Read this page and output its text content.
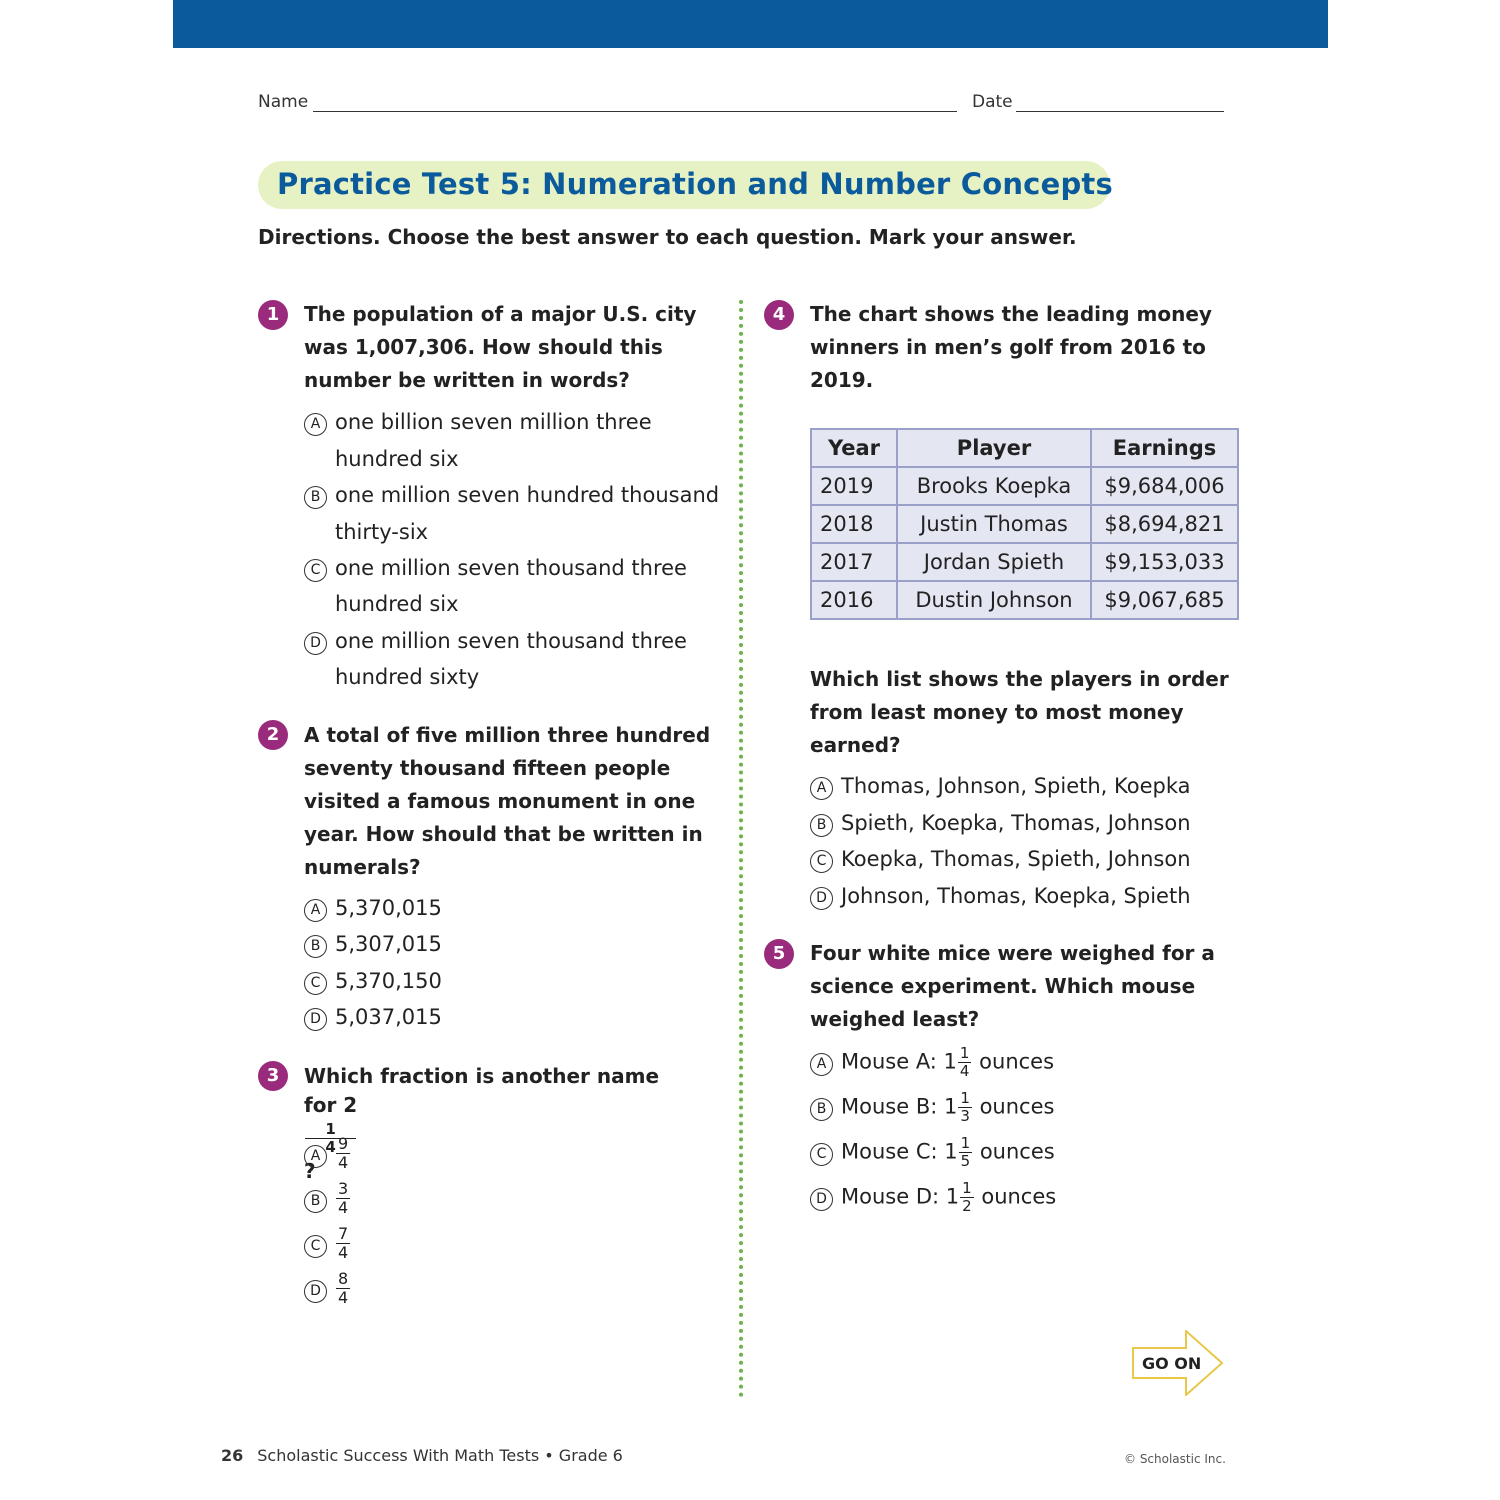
Name	Date
Practice Test 5: Numeration and Number Concepts
Directions. Choose the best answer to each question. Mark your answer.
1	The population of a major U.S. city
was 1,007,306. How should this
number be written in words?
A one billion seven million three
hundred six
B one million seven hundred thousand
thirty-six
C one million seven thousand three
hundred six
D one million seven thousand three
hundred sixty
2	A total of five million three hundred
seventy thousand fifteen people
visited a famous monument in one
year. How should that be written in
numerals?
A 5,370,015
B 5,307,015
C 5,370,150
D 5,037,015
3	Which fraction is another name
for 2
1
4
?
A $\frac{9}{4}$
B $\frac{3}{4}$
C $\frac{7}{4}$
D $\frac{8}{4}$
4	The chart shows the leading money
winners in men’s golf from 2016 to
2019.
Year	Player	Earnings
2019	Brooks Koepka	$9,684,006
2018	Justin Thomas	$8,694,821
2017	Jordan Spieth	$9,153,033
2016	Dustin Johnson	$9,067,685
Which list shows the players in order
from least money to most money
earned?
A Thomas, Johnson, Spieth, Koepka
B Spieth, Koepka, Thomas, Johnson
C Koepka, Thomas, Spieth, Johnson
D Johnson, Thomas, Koepka, Spieth
5	Four white mice were weighed for a
science experiment. Which mouse
weighed least?
A Mouse A: $1 \frac{1}{4}$ ounces
B Mouse B: $1 \frac{1}{3}$ ounces
C Mouse C: $1 \frac{1}{5}$ ounces
D Mouse D: $1 \frac{1}{2}$ ounces
GO ON
26 Scholastic Success With Math Tests • Grade 6	© Scholastic Inc.
